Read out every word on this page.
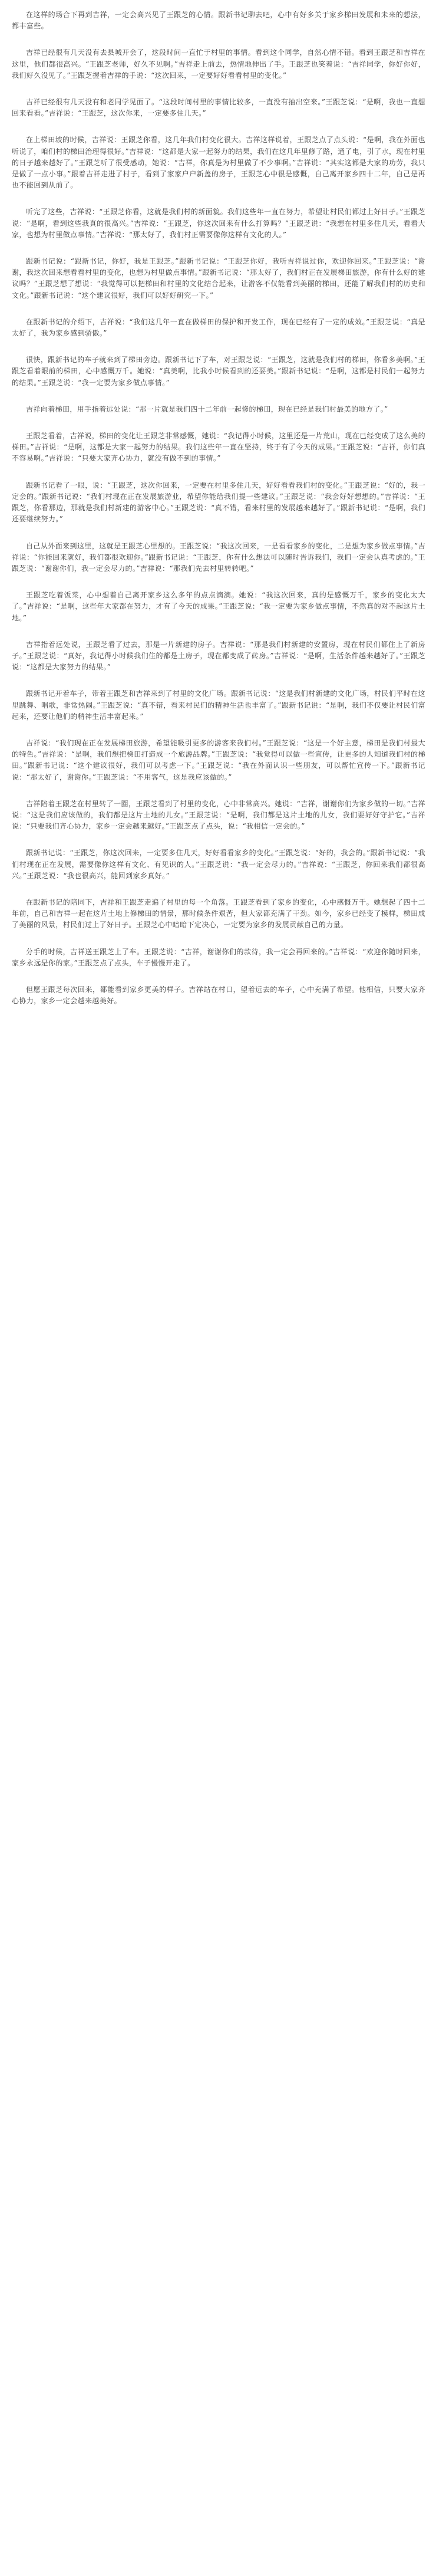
在这样的场合下再到吉祥，一定会高兴见了王跟芝的心情。跟新书记聊去吧，心中有好多关于家乡梯田发展和未来的想法，都丰富些。

吉祥已经很有几天没有去县城开会了，这段时间一直忙于村里的事情。看到这个同学，自然心情不错。看到王跟芝和吉祥在这里，他们都很高兴。“王跟芝老师，好久不见啊。”吉祥走上前去，热情地伸出了手。王跟芝也笑着说：“吉祥同学，你好你好，我们好久没见了。”王跟芝握着吉祥的手说：“这次回来，一定要好好看看村里的变化。”

吉祥已经很有几天没有和老同学见面了。“这段时间村里的事情比较多，一直没有抽出空来。”王跟芝说：“是啊，我也一直想回来看看。”吉祥说：“王跟芝，这次你来，一定要多住几天。”

在上梯田坡的时候，吉祥说：王跟芝你看，这几年我们村变化很大。吉祥这样说着，王跟芝点了点头说：“是啊，我在外面也听说了，咱们村的梯田治理得很好。”吉祥说：“这都是大家一起努力的结果，我们在这几年里修了路，通了电，引了水，现在村里的日子越来越好了。”王跟芝听了很受感动，她说：“吉祥，你真是为村里做了不少事啊。”吉祥说：“其实这都是大家的功劳，我只是做了一点小事。”跟着吉祥走进了村子，看到了家家户户新盖的房子，王跟芝心中很是感慨，自己离开家乡四十二年，自己是再也不能回到从前了。

听完了这些，吉祥说：“王跟芝你看，这就是我们村的新面貌。我们这些年一直在努力，希望让村民们都过上好日子。”王跟芝说：“是啊，看到这些我真的很高兴。”吉祥说：“王跟芝，你这次回来有什么打算吗？”王跟芝说：“我想在村里多住几天，看看大家，也想为村里做点事情。”吉祥说：“那太好了，我们村正需要像你这样有文化的人。”

跟新书记说：“跟新书记，你好，我是王跟芝。”跟新书记说：“王跟芝你好，我听吉祥说过你，欢迎你回来。”王跟芝说：“谢谢，我这次回来想看看村里的变化，也想为村里做点事情。”跟新书记说：“那太好了，我们村正在发展梯田旅游，你有什么好的建议吗？”王跟芝想了想说：“我觉得可以把梯田和村里的文化结合起来，让游客不仅能看到美丽的梯田，还能了解我们村的历史和文化。”跟新书记说：“这个建议很好，我们可以好好研究一下。”

在跟新书记的介绍下，吉祥说：“我们这几年一直在做梯田的保护和开发工作，现在已经有了一定的成效。”王跟芝说：“真是太好了，我为家乡感到骄傲。”

很快，跟新书记的车子就来到了梯田旁边。跟新书记下了车，对王跟芝说：“王跟芝，这就是我们村的梯田，你看多美啊。”王跟芝看着眼前的梯田，心中感慨万千。她说：“真美啊，比我小时候看到的还要美。”跟新书记说：“是啊，这都是村民们一起努力的结果。”王跟芝说：“我一定要为家乡做点事情。”

吉祥向着梯田，用手指着远处说：“那一片就是我们四十二年前一起修的梯田，现在已经是我们村最美的地方了。”

王跟芝看着，吉祥说，梯田的变化让王跟芝非常感慨，她说：“我记得小时候，这里还是一片荒山，现在已经变成了这么美的梯田。”吉祥说：“是啊，这都是大家一起努力的结果。我们这些年一直在坚持，终于有了今天的成果。”王跟芝说：“吉祥，你们真不容易啊。”吉祥说：“只要大家齐心协力，就没有做不到的事情。”

跟新书记看了一眼，说：“王跟芝，这次你回来，一定要在村里多住几天，好好看看我们村的变化。”王跟芝说：“好的，我一定会的。”跟新书记说：“我们村现在正在发展旅游业，希望你能给我们提一些建议。”王跟芝说：“我会好好想想的。”吉祥说：“王跟芝，你看那边，那就是我们村新建的游客中心。”王跟芝说：“真不错，看来村里的发展越来越好了。”跟新书记说：“是啊，我们还要继续努力。”

自己从外面来到这里，这就是王跟芝心里想的。王跟芝说：“我这次回来，一是看看家乡的变化，二是想为家乡做点事情。”吉祥说：“你能回来就好，我们都很欢迎你。”跟新书记说：“王跟芝，你有什么想法可以随时告诉我们，我们一定会认真考虑的。”王跟芝说：“谢谢你们，我一定会尽力的。”吉祥说：“那我们先去村里转转吧。”

王跟芝吃着饭菜，心中想着自己离开家乡这么多年的点点滴滴。她说：“我这次回来，真的是感慨万千，家乡的变化太大了。”吉祥说：“是啊，这些年大家都在努力，才有了今天的成果。”王跟芝说：“我一定要为家乡做点事情，不然真的对不起这片土地。”

吉祥指着远处说，王跟芝看了过去，那是一片新建的房子。吉祥说：“那是我们村新建的安置房，现在村民们都住上了新房子。”王跟芝说：“真好，我记得小时候我们住的都是土房子，现在都变成了砖房。”吉祥说：“是啊，生活条件越来越好了。”王跟芝说：“这都是大家努力的结果。”

跟新书记开着车子，带着王跟芝和吉祥来到了村里的文化广场。跟新书记说：“这是我们村新建的文化广场，村民们平时在这里跳舞、唱歌，非常热闹。”王跟芝说：“真不错，看来村民们的精神生活也丰富了。”跟新书记说：“是啊，我们不仅要让村民们富起来，还要让他们的精神生活丰富起来。”

吉祥说：“我们现在正在发展梯田旅游，希望能吸引更多的游客来我们村。”王跟芝说：“这是一个好主意，梯田是我们村最大的特色。”吉祥说：“是啊，我们想把梯田打造成一个旅游品牌。”王跟芝说：“我觉得可以做一些宣传，让更多的人知道我们村的梯田。”跟新书记说：“这个建议很好，我们可以考虑一下。”王跟芝说：“我在外面认识一些朋友，可以帮忙宣传一下。”跟新书记说：“那太好了，谢谢你。”王跟芝说：“不用客气，这是我应该做的。”

吉祥陪着王跟芝在村里转了一圈，王跟芝看到了村里的变化，心中非常高兴。她说：“吉祥，谢谢你们为家乡做的一切。”吉祥说：“这是我们应该做的，我们都是这片土地的儿女。”王跟芝说：“是啊，我们都是这片土地的儿女，我们要好好守护它。”吉祥说：“只要我们齐心协力，家乡一定会越来越好。”王跟芝点了点头，说：“我相信一定会的。”

跟新书记说：“王跟芝，你这次回来，一定要多住几天，好好看看家乡的变化。”王跟芝说：“好的，我会的。”跟新书记说：“我们村现在正在发展，需要像你这样有文化、有见识的人。”王跟芝说：“我一定会尽力的。”吉祥说：“王跟芝，你回来我们都很高兴。”王跟芝说：“我也很高兴，能回到家乡真好。”

在跟新书记的陪同下，吉祥和王跟芝走遍了村里的每一个角落。王跟芝看到了家乡的变化，心中感慨万千。她想起了四十二年前，自己和吉祥一起在这片土地上修梯田的情景，那时候条件艰苦，但大家都充满了干劲。如今，家乡已经变了模样，梯田成了美丽的风景，村民们过上了好日子。王跟芝心中暗暗下定决心，一定要为家乡的发展贡献自己的力量。

分手的时候，吉祥送王跟芝上了车。王跟芝说：“吉祥，谢谢你们的款待，我一定会再回来的。”吉祥说：“欢迎你随时回来，家乡永远是你的家。”王跟芝点了点头，车子慢慢开走了。

但愿王跟芝每次回来，都能看到家乡更美的样子。吉祥站在村口，望着远去的车子，心中充满了希望。他相信，只要大家齐心协力，家乡一定会越来越美好。
